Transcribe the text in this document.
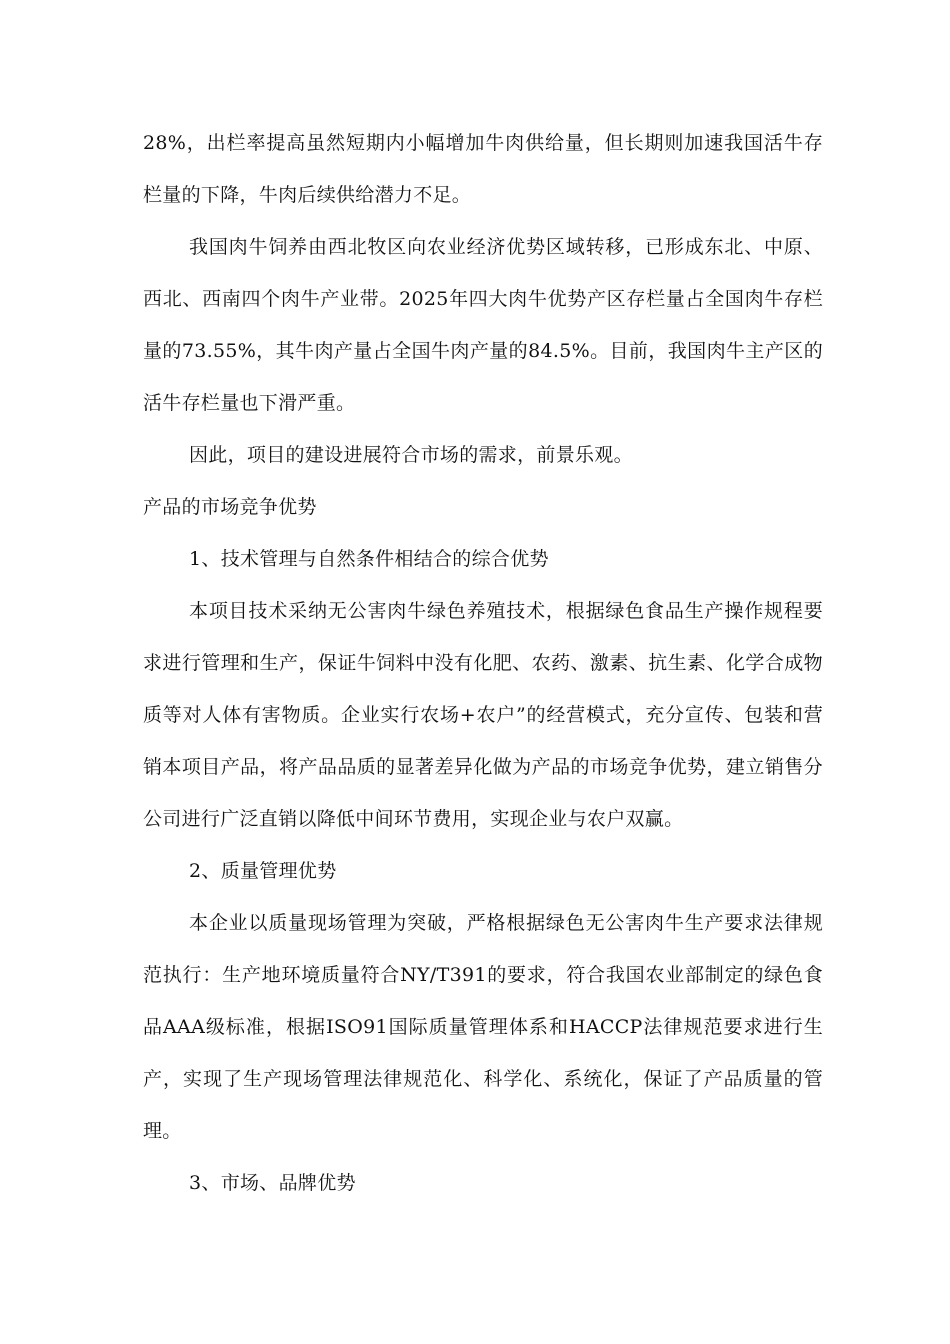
28%，出栏率提高虽然短期内小幅增加牛肉供给量，但长期则加速我国活牛存栏量的下降，牛肉后续供给潜力不足。

我国肉牛饲养由西北牧区向农业经济优势区域转移，已形成东北、中原、西北、西南四个肉牛产业带。2025年四大肉牛优势产区存栏量占全国肉牛存栏量的73.55%，其牛肉产量占全国牛肉产量的84.5%。目前，我国肉牛主产区的活牛存栏量也下滑严重。

因此，项目的建设进展符合市场的需求，前景乐观。

产品的市场竞争优势

1、技术管理与自然条件相结合的综合优势

本项目技术采纳无公害肉牛绿色养殖技术，根据绿色食品生产操作规程要求进行管理和生产，保证牛饲料中没有化肥、农药、激素、抗生素、化学合成物质等对人体有害物质。企业实行农场+农户”的经营模式，充分宣传、包装和营销本项目产品，将产品品质的显著差异化做为产品的市场竞争优势，建立销售分公司进行广泛直销以降低中间环节费用，实现企业与农户双赢。

2、质量管理优势

本企业以质量现场管理为突破，严格根据绿色无公害肉牛生产要求法律规范执行：生产地环境质量符合NY/T391的要求，符合我国农业部制定的绿色食品AAA级标准，根据ISO91国际质量管理体系和HACCP法律规范要求进行生产，实现了生产现场管理法律规范化、科学化、系统化，保证了产品质量的管理。

3、市场、品牌优势
